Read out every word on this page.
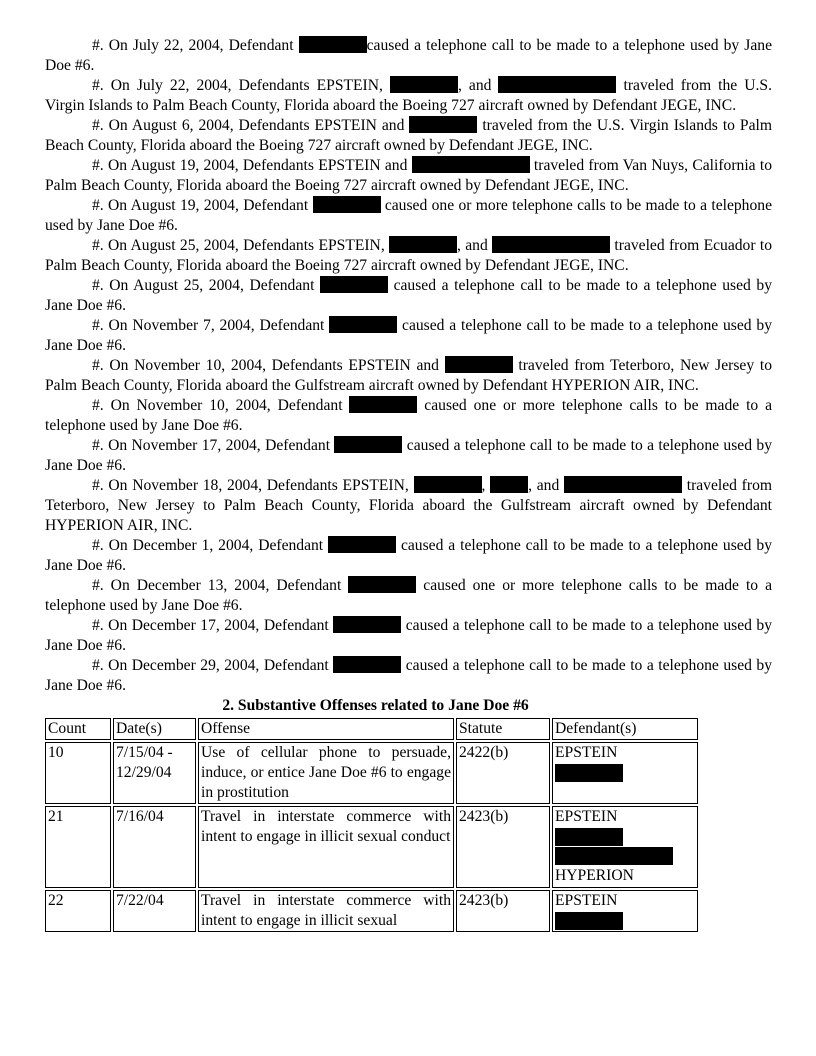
#. On July 22, 2004, Defendant	caused a telephone call to be made to a telephone used by Jane Doe #6.

#. On July 22, 2004, Defendants EPSTEIN,	, and	traveled from the U.S. Virgin Islands to Palm Beach County, Florida aboard the Boeing 727 aircraft owned by Defendant JEGE, INC.

#. On August 6, 2004, Defendants EPSTEIN and	traveled from the U.S. Virgin Islands to Palm Beach County, Florida aboard the Boeing 727 aircraft owned by Defendant JEGE, INC.

#. On August 19, 2004, Defendants EPSTEIN and	traveled from Van Nuys, California to Palm Beach County, Florida aboard the Boeing 727 aircraft owned by Defendant JEGE, INC.

#. On August 19, 2004, Defendant	caused one or more telephone calls to be made to a telephone used by Jane Doe #6.

#. On August 25, 2004, Defendants EPSTEIN,	, and	traveled from Ecuador to Palm Beach County, Florida aboard the Boeing 727 aircraft owned by Defendant JEGE, INC.

#. On August 25, 2004, Defendant	caused a telephone call to be made to a telephone used by Jane Doe #6.

#. On November 7, 2004, Defendant	caused a telephone call to be made to a telephone used by Jane Doe #6.

#. On November 10, 2004, Defendants EPSTEIN and	traveled from Teterboro, New Jersey to Palm Beach County, Florida aboard the Gulfstream aircraft owned by Defendant HYPERION AIR, INC.

#. On November 10, 2004, Defendant	caused one or more telephone calls to be made to a telephone used by Jane Doe #6.

#. On November 17, 2004, Defendant	caused a telephone call to be made to a telephone used by Jane Doe #6.

#. On November 18, 2004, Defendants EPSTEIN,	, , and	traveled from Teterboro, New Jersey to Palm Beach County, Florida aboard the Gulfstream aircraft owned by Defendant HYPERION AIR, INC.

#. On December 1, 2004, Defendant	caused a telephone call to be made to a telephone used by Jane Doe #6.

#. On December 13, 2004, Defendant	caused one or more telephone calls to be made to a telephone used by Jane Doe #6.

#. On December 17, 2004, Defendant	caused a telephone call to be made to a telephone used by Jane Doe #6.

#. On December 29, 2004, Defendant	caused a telephone call to be made to a telephone used by Jane Doe #6.

2. Substantive Offenses related to Jane Doe #6
Count	Date(s)	Offense	Statute	Defendant(s)
10	7/15/04 - 12/29/04	Use of cellular phone to persuade, induce, or entice Jane Doe #6 to engage in prostitution	2422(b)	EPSTEIN

21	7/16/04	Travel in interstate commerce with intent to engage in illicit sexual conduct	2423(b)	EPSTEIN
HYPERION

22	7/22/04	Travel in interstate commerce with intent to engage in illicit sexual	2423(b)	EPSTEIN
